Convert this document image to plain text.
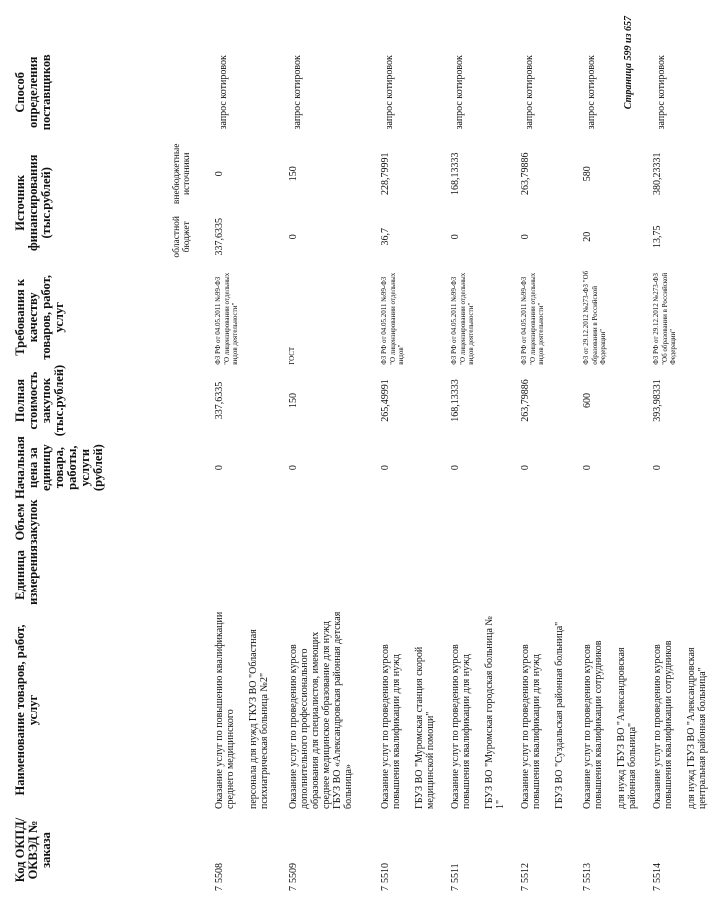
Код ОКПД/ ОКВЭД № заказа	Наименование товаров, работ, услуг	Единица измерения	Объем закупок	Начальная цена за единицу товара, работы, услуги (рублей)	Полная стоимость закупок (тыс.рублей)	Требования к качеству товаров, работ, услуг	Источник финансирования (тыс.рублей)		Способ определения поставщиков
							областной бюджет	внебюджетные источники	
75508	Оказание услуг по повышению квалификации среднего медицинского персонала для нужд ГКУЗ ВО "Областная психиатрическая больница №2"			0	337,6335	ФЗ РФ от 04.05.2011 №99-ФЗ "О лицензировании отдельных видов деятельности"	337,6335	0	запрос котировок
75509	Оказание услуг по проведению курсов дополнительного профессионального образования для специалистов, имеющих среднее медицинское образование для нужд ГБУЗ ВО «Александровская районная детская больница»			0	150	ГОСТ	0	150	запрос котировок
75510	Оказание услуг по проведению курсов повышения квалификации для нужд ГБУЗ ВО "Муромская станция скорой медицинской помощи"			0	265,49991	ФЗ РФ от 04.05.2011 №99-ФЗ "О лицензировании отдельных видов"	36,7	228,79991	запрос котировок
75511	Оказание услуг по проведению курсов повышения квалификации для нужд ГБУЗ ВО "Муромская городская больница № 1"			0	168,13333	ФЗ РФ от 04.05.2011 №99-ФЗ "О лицензировании отдельных видов деятельности"	0	168,13333	запрос котировок
75512	Оказание услуг по проведению курсов повышения квалификации для нужд ГБУЗ ВО "Суздальская районная больница"			0	263,79886	ФЗ РФ от 04.05.2011 №99-ФЗ "О лицензировании отдельных видов деятельности"	0	263,79886	запрос котировок
75513	Оказание услуг по проведению курсов повышения квалификации сотрудников для нужд ГБУЗ ВО "Александровская районная больница"			0	600	ФЗ от 29.12.2012 №273-ФЗ "Об образовании в Российской Федерации"	20	580	запрос котировок
75514	Оказание услуг по проведению курсов повышения квалификации сотрудников для нужд ГБУЗ ВО "Александровская центральная районная больница"			0	393,98331	ФЗ РФ от 29.12.2012 №273-ФЗ "Об образовании в Российской Федерации"	13,75	380,23331	запрос котировок
Страница 599 из 657
